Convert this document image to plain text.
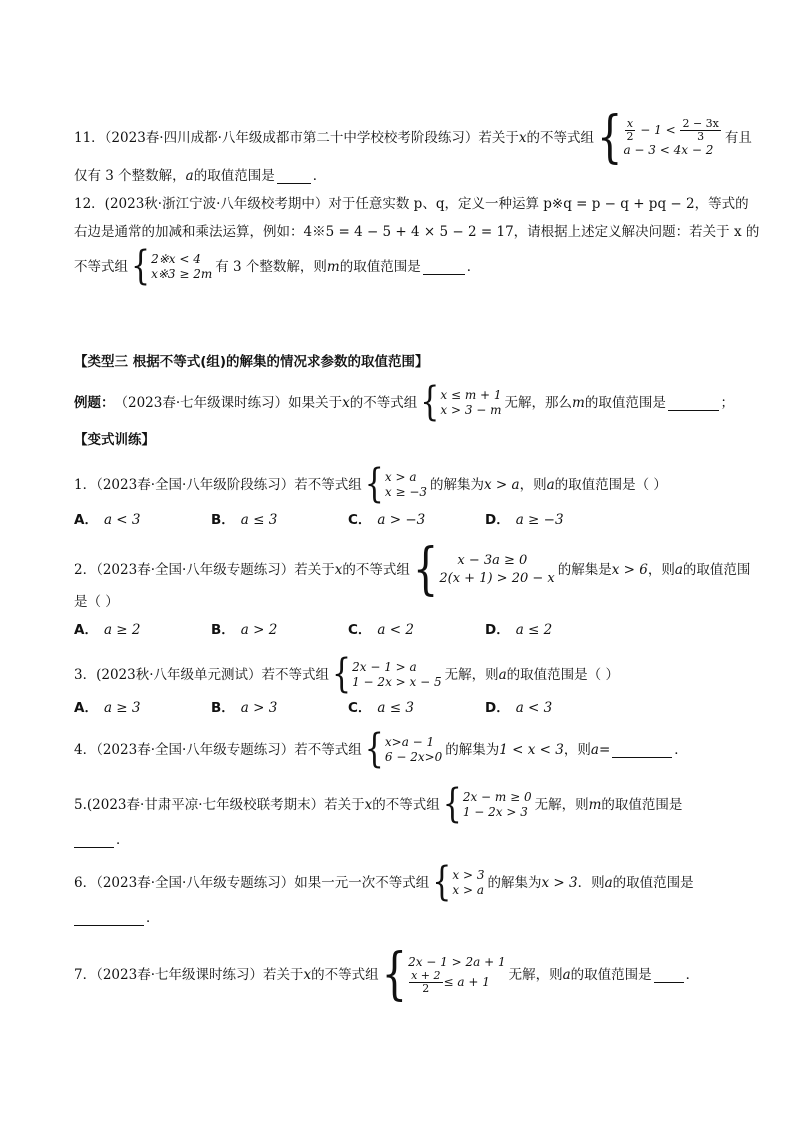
11．（2023春·四川成都·八年级成都市第二十中学校校考阶段练习）若关于 x 的不等式组 { $\frac{x}{2} - 1 < \frac{2 - 3x}{3}$
a − 3 < 4x − 2
有且
仅有 3 个整数解， a 的取值范围是	．
12．(2023秋·浙江宁波·八年级校考期中）对于任意实数 p、q，定义一种运算 p※q = p − q + pq − 2，等式的
右边是通常的加减和乘法运算，例如：4※5 = 4 − 5 + 4 × 5 − 2 = 17，请根据上述定义解决问题：若关于 x 的
不等式组 { 2※x < 4
x※3 ≥ 2m 有 3 个整数解，则 m 的取值范围是	．
【类型三 根据不等式(组)的解集的情况求参数的取值范围】
例题： （2023春·七年级课时练习）如果关于 x 的不等式组 { x ≤ m + 1
x > 3 − m 无解，那么 m 的取值范围是	；
【变式训练】
1．（2023春·全国·八年级阶段练习）若不等式组 { x > a
x ≥ −3 的解集为 x > a ，则 a 的取值范围是（ ）
A． a < 3	B． a ≤ 3	C． a > −3	D． a ≥ −3
2．（2023春·全国·八年级专题练习）若关于 x 的不等式组 {	x − 3a ≥ 0
2(x + 1) > 20 − x
的解集是 x > 6 ，则 a 的取值范围
是（ ）
A． a ≥ 2	B． a > 2	C． a < 2	D． a ≤ 2
3．(2023秋·八年级单元测试）若不等式组 { 2x − 1 > a
1 − 2x > x − 5 无解，则 a 的取值范围是（ ）
A． a ≥ 3	B． a > 3	C． a ≤ 3	D． a < 3
4．（2023春·全国·八年级专题练习）若不等式组 { x>a − 1
6 − 2x>0 的解集为 1 < x < 3 ，则 a =	．
5.(2023春·甘肃平凉·七年级校联考期末）若关于 x 的不等式组 { 2x − m ≥ 0
1 − 2x > 3 无解，则 m 的取值范围是
．
6．（2023春·全国·八年级专题练习）如果一元一次不等式组 { x > 3
x > a 的解集为 x > 3 ．则 a 的取值范围是
．
7．（2023春·七年级课时练习）若关于 x 的不等式组 { 2x − 1 > 2a + 1
$\frac{x + 2}{2} \le a + 1$ 无解，则 a 的取值范围是	．
